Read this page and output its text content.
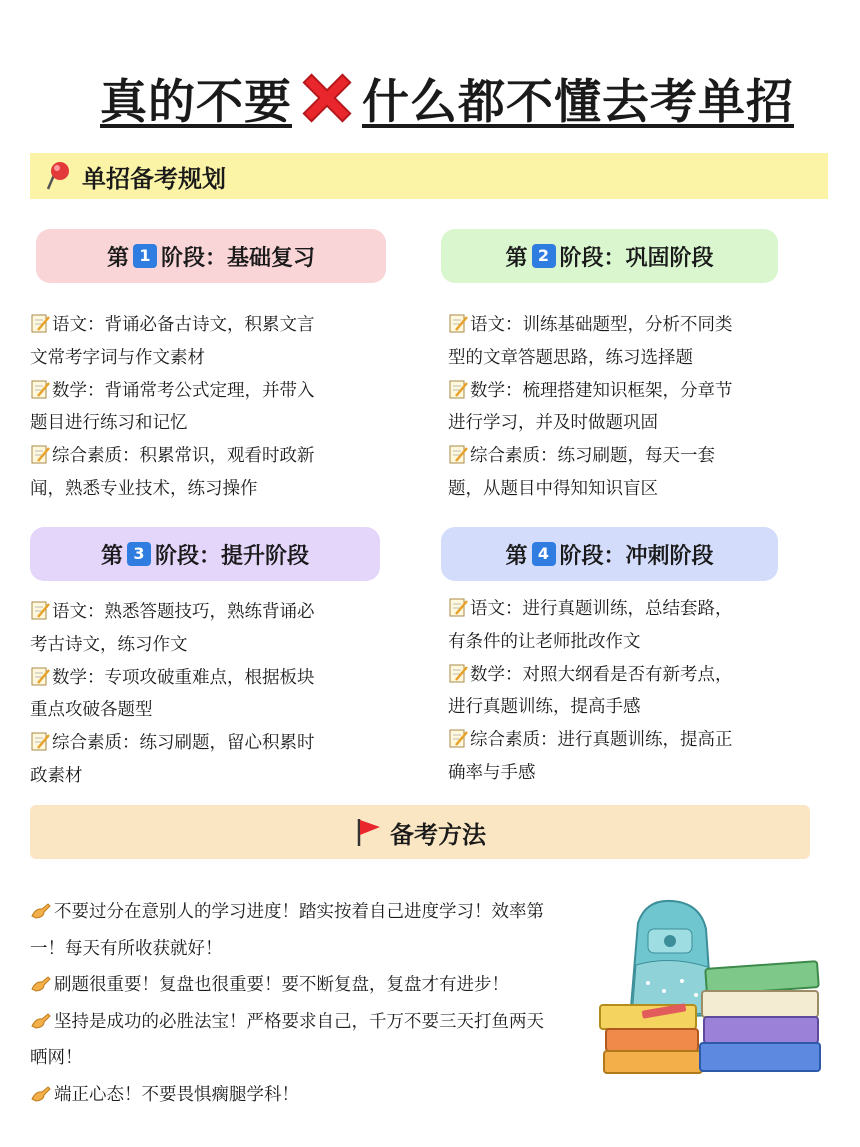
真的不要 什么都不懂去考单招
单招备考规划
第 1 阶段：基础复习

语文：背诵必备古诗文，积累文言

文常考字词与作文素材

数学：背诵常考公式定理，并带入

题目进行练习和记忆

综合素质：积累常识，观看时政新

闻，熟悉专业技术，练习操作

第 2 阶段：巩固阶段

语文：训练基础题型，分析不同类

型的文章答题思路，练习选择题

数学：梳理搭建知识框架，分章节

进行学习，并及时做题巩固

综合素质：练习刷题，每天一套

题，从题目中得知知识盲区

第 3 阶段：提升阶段

语文：熟悉答题技巧，熟练背诵必

考古诗文，练习作文

数学：专项攻破重难点，根据板块

重点攻破各题型

综合素质：练习刷题，留心积累时

政素材

第 4 阶段：冲刺阶段

语文：进行真题训练，总结套路，

有条件的让老师批改作文

数学：对照大纲看是否有新考点，

进行真题训练，提高手感

综合素质：进行真题训练，提高正

确率与手感

备考方法

不要过分在意别人的学习进度！踏实按着自己进度学习！效率第

一！每天有所收获就好！

刷题很重要！复盘也很重要！要不断复盘，复盘才有进步！

坚持是成功的必胜法宝！严格要求自己，千万不要三天打鱼两天

晒网！

端正心态！不要畏惧瘸腿学科！
